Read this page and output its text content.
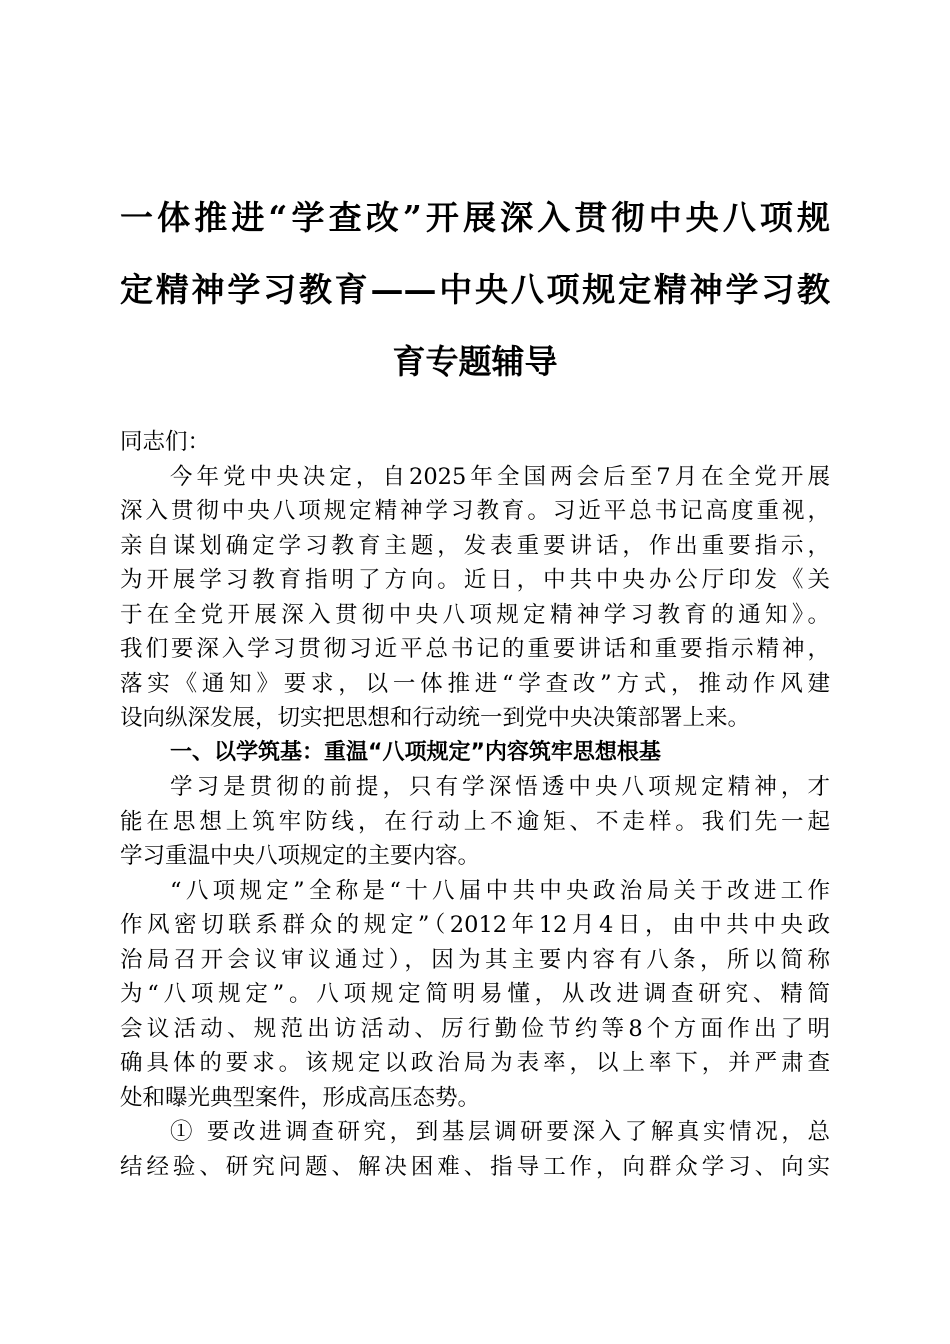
一体推进“学查改”开展深入贯彻中央八项规
定精神学习教育——中央八项规定精神学习教
育专题辅导
同志们：
今年党中央决定，自2025年全国两会后至7月在全党开展
深入贯彻中央八项规定精神学习教育。习近平总书记高度重视，
亲自谋划确定学习教育主题，发表重要讲话，作出重要指示，
为开展学习教育指明了方向。近日，中共中央办公厅印发《关
于在全党开展深入贯彻中央八项规定精神学习教育的通知》。
我们要深入学习贯彻习近平总书记的重要讲话和重要指示精神，
落实《通知》要求，以一体推进“学查改”方式，推动作风建
设向纵深发展，切实把思想和行动统一到党中央决策部署上来。
一、以学筑基：重温“八项规定”内容筑牢思想根基
学习是贯彻的前提，只有学深悟透中央八项规定精神，才
能在思想上筑牢防线，在行动上不逾矩、不走样。我们先一起
学习重温中央八项规定的主要内容。
“八项规定”全称是“十八届中共中央政治局关于改进工作
作风密切联系群众的规定”（2012年12月4日，由中共中央政
治局召开会议审议通过），因为其主要内容有八条，所以简称
为“八项规定”。八项规定简明易懂，从改进调查研究、精简
会议活动、规范出访活动、厉行勤俭节约等8个方面作出了明
确具体的要求。该规定以政治局为表率，以上率下，并严肃查
处和曝光典型案件，形成高压态势。
① 要改进调查研究，到基层调研要深入了解真实情况，总
结经验、研究问题、解决困难、指导工作，向群众学习、向实
